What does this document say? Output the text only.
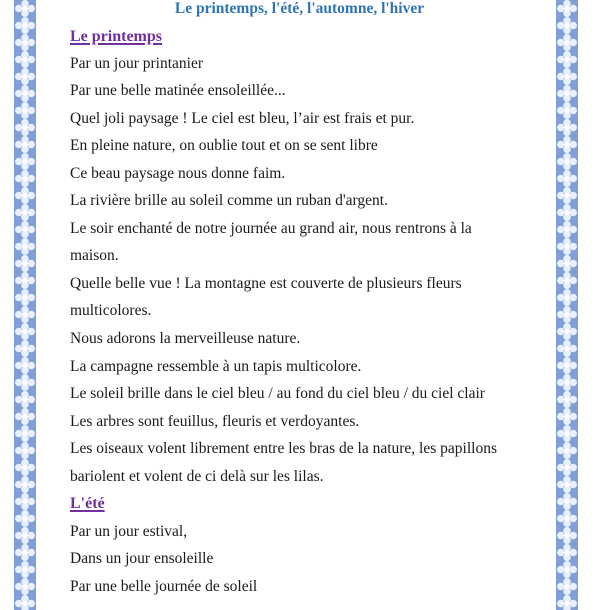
Le printemps, l'été, l'automne, l'hiver
Le printemps

Par un jour printanier

Par une belle matinée ensoleillée...

Quel joli paysage ! Le ciel est bleu, l’air est frais et pur.

En pleine nature, on oublie tout et on se sent libre

Ce beau paysage nous donne faim.

La rivière brille au soleil comme un ruban d'argent.

Le soir enchanté de notre journée au grand air, nous rentrons à la

maison.

Quelle belle vue ! La montagne est couverte de plusieurs fleurs

multicolores.

Nous adorons la merveilleuse nature.

La campagne ressemble à un tapis multicolore.

Le soleil brille dans le ciel bleu / au fond du ciel bleu / du ciel clair

Les arbres sont feuillus, fleuris et verdoyantes.

Les oiseaux volent librement entre les bras de la nature, les papillons

bariolent et volent de ci delà sur les lilas.

L'été

Par un jour estival,

Dans un jour ensoleille

Par une belle journée de soleil
